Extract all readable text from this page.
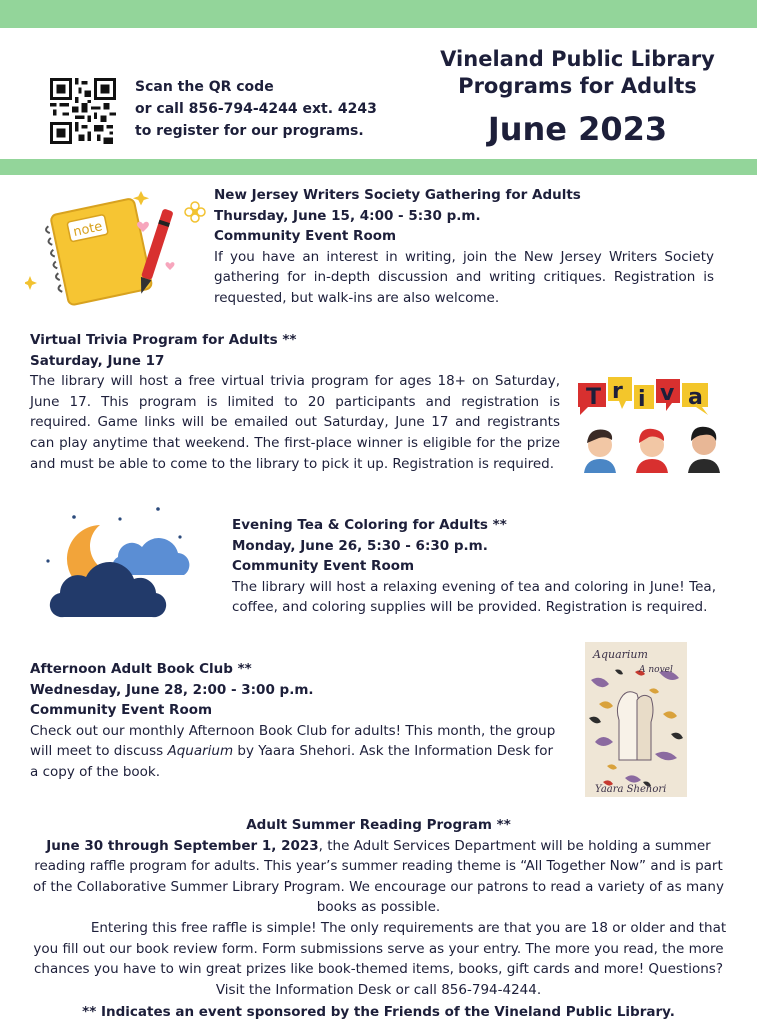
Scan the QR code
or call 856-794-4244 ext. 4243
to register for our programs.
Vineland Public Library
Programs for Adults
June 2023
note
New Jersey Writers Society Gathering for Adults
Thursday, June 15, 4:00 - 5:30 p.m.
Community Event Room
If you have an interest in writing, join the New Jersey Writers Society gathering for in-depth discussion and writing critiques. Registration is requested, but walk-ins are also welcome.
Virtual Trivia Program for Adults **
Saturday, June 17
The library will host a free virtual trivia program for ages 18+ on Saturday, June 17. This program is limited to 20 participants and registration is required. Game links will be emailed out Saturday, June 17 and registrants can play anytime that weekend. The first-place winner is eligible for the prize and must be able to come to the library to pick it up. Registration is required.
T r i v a
Evening Tea & Coloring for Adults **
Monday, June 26, 5:30 - 6:30 p.m.
Community Event Room
The library will host a relaxing evening of tea and coloring in June! Tea, coffee, and coloring supplies will be provided. Registration is required.
Afternoon Adult Book Club **
Wednesday, June 28, 2:00 - 3:00 p.m.
Community Event Room
Check out our monthly Afternoon Book Club for adults! This month, the group will meet to discuss Aquarium by Yaara Shehori. Ask the Information Desk for a copy of the book.
Aquarium
A novel
Yaara Shehori
Adult Summer Reading Program **
June 30 through September 1, 2023, the Adult Services Department will be holding a summer reading raffle program for adults. This year’s summer reading theme is “All Together Now” and is part of the Collaborative Summer Library Program. We encourage our patrons to read a variety of as many books as possible.
Entering this free raffle is simple! The only requirements are that you are 18 or older and that you fill out our book review form. Form submissions serve as your entry. The more you read, the more chances you have to win great prizes like book-themed items, books, gift cards and more! Questions? Visit the Information Desk or call 856-794-4244.
** Indicates an event sponsored by the Friends of the Vineland Public Library.
